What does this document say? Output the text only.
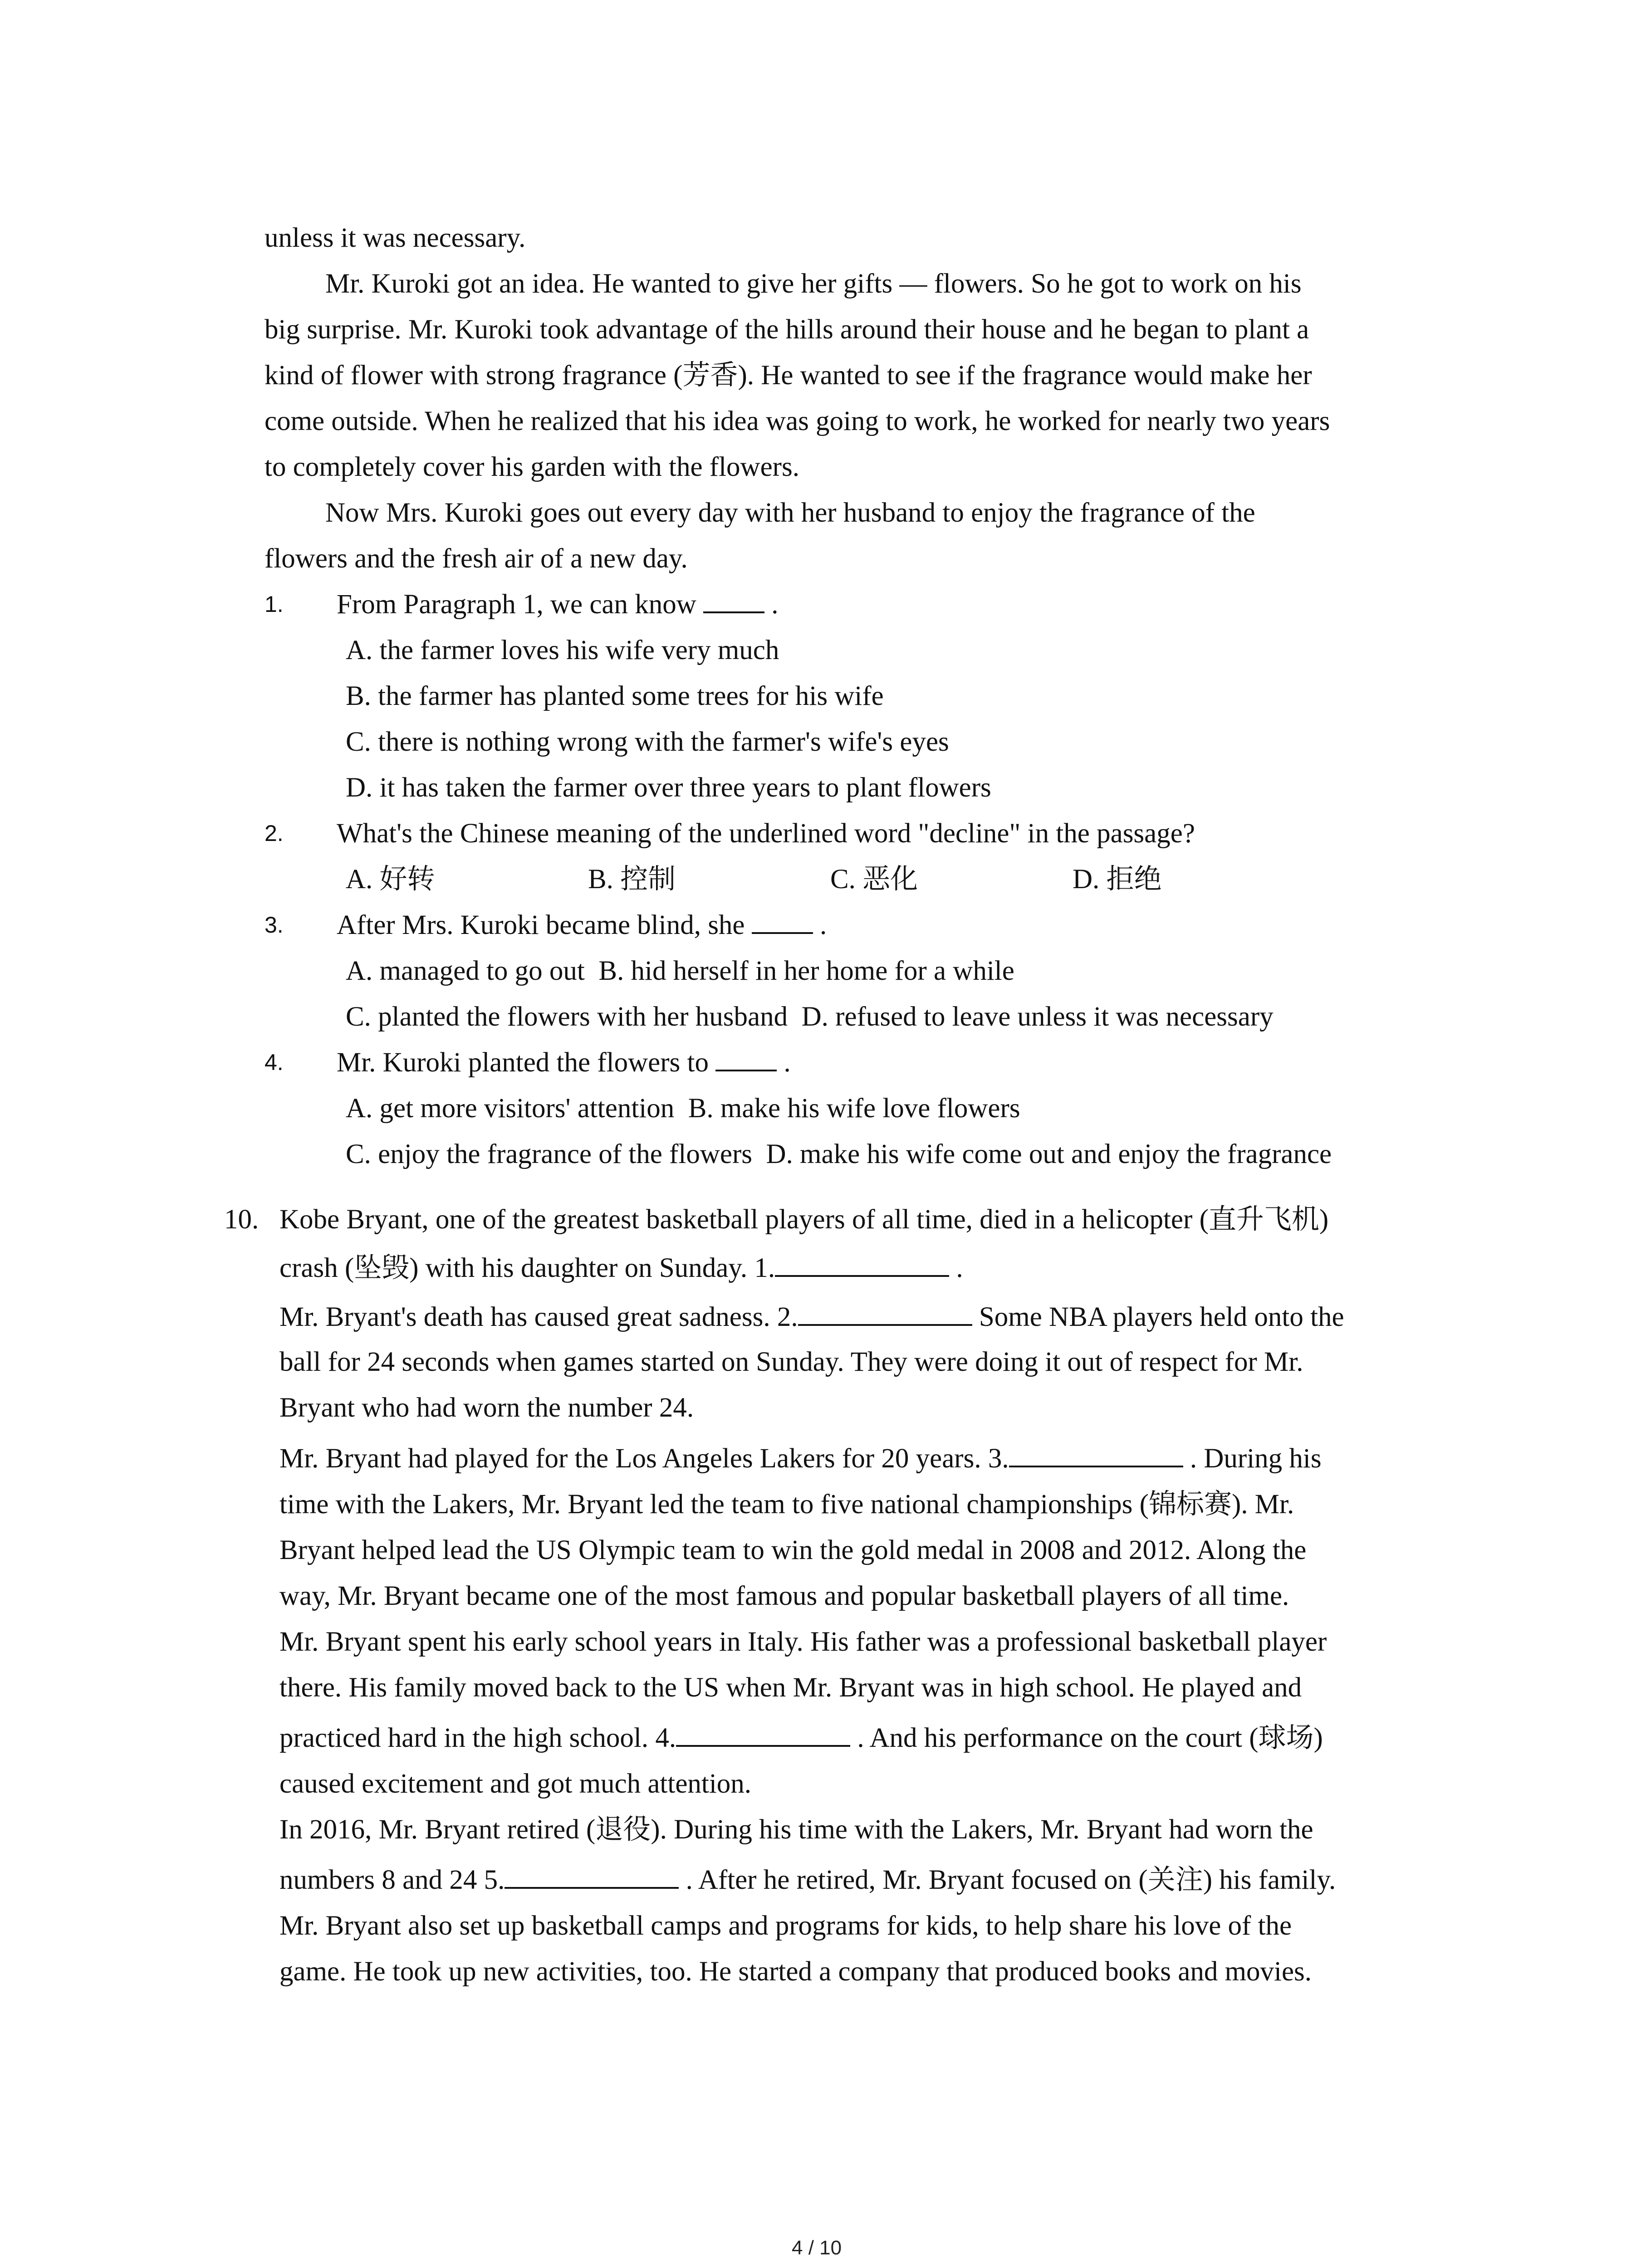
unless it was necessary.
Mr. Kuroki got an idea. He wanted to give her gifts — flowers. So he got to work on his
big surprise. Mr. Kuroki took advantage of the hills around their house and he began to plant a
kind of flower with strong fragrance (芳香). He wanted to see if the fragrance would make her
come outside. When he realized that his idea was going to work, he worked for nearly two years
to completely cover his garden with the flowers.
Now Mrs. Kuroki goes out every day with her husband to enjoy the fragrance of the
flowers and the fresh air of a new day.
1. From Paragraph 1, we can know	.
A. the farmer loves his wife very much
B. the farmer has planted some trees for his wife
C. there is nothing wrong with the farmer's wife's eyes
D. it has taken the farmer over three years to plant flowers
2. What's the Chinese meaning of the underlined word "decline" in the passage?
A. 好转	B. 控制	C. 恶化	D. 拒绝
3. After Mrs. Kuroki became blind, she	.
A. managed to go out B. hid herself in her home for a while
C. planted the flowers with her husband D. refused to leave unless it was necessary
4. Mr. Kuroki planted the flowers to	.
A. get more visitors' attention B. make his wife love flowers
C. enjoy the fragrance of the flowers D. make his wife come out and enjoy the fragrance
10. Kobe Bryant, one of the greatest basketball players of all time, died in a helicopter (直升飞机)
crash (坠毁) with his daughter on Sunday. 1.	.
Mr. Bryant's death has caused great sadness. 2.	Some NBA players held onto the
ball for 24 seconds when games started on Sunday. They were doing it out of respect for Mr.
Bryant who had worn the number 24.
Mr. Bryant had played for the Los Angeles Lakers for 20 years. 3.	. During his
time with the Lakers, Mr. Bryant led the team to five national championships (锦标赛). Mr.
Bryant helped lead the US Olympic team to win the gold medal in 2008 and 2012. Along the
way, Mr. Bryant became one of the most famous and popular basketball players of all time.
Mr. Bryant spent his early school years in Italy. His father was a professional basketball player
there. His family moved back to the US when Mr. Bryant was in high school. He played and
practiced hard in the high school. 4.	. And his performance on the court (球场)
caused excitement and got much attention.
In 2016, Mr. Bryant retired (退役). During his time with the Lakers, Mr. Bryant had worn the
numbers 8 and 24 5.	. After he retired, Mr. Bryant focused on (关注) his family.
Mr. Bryant also set up basketball camps and programs for kids, to help share his love of the
game. He took up new activities, too. He started a company that produced books and movies.
4 / 10
